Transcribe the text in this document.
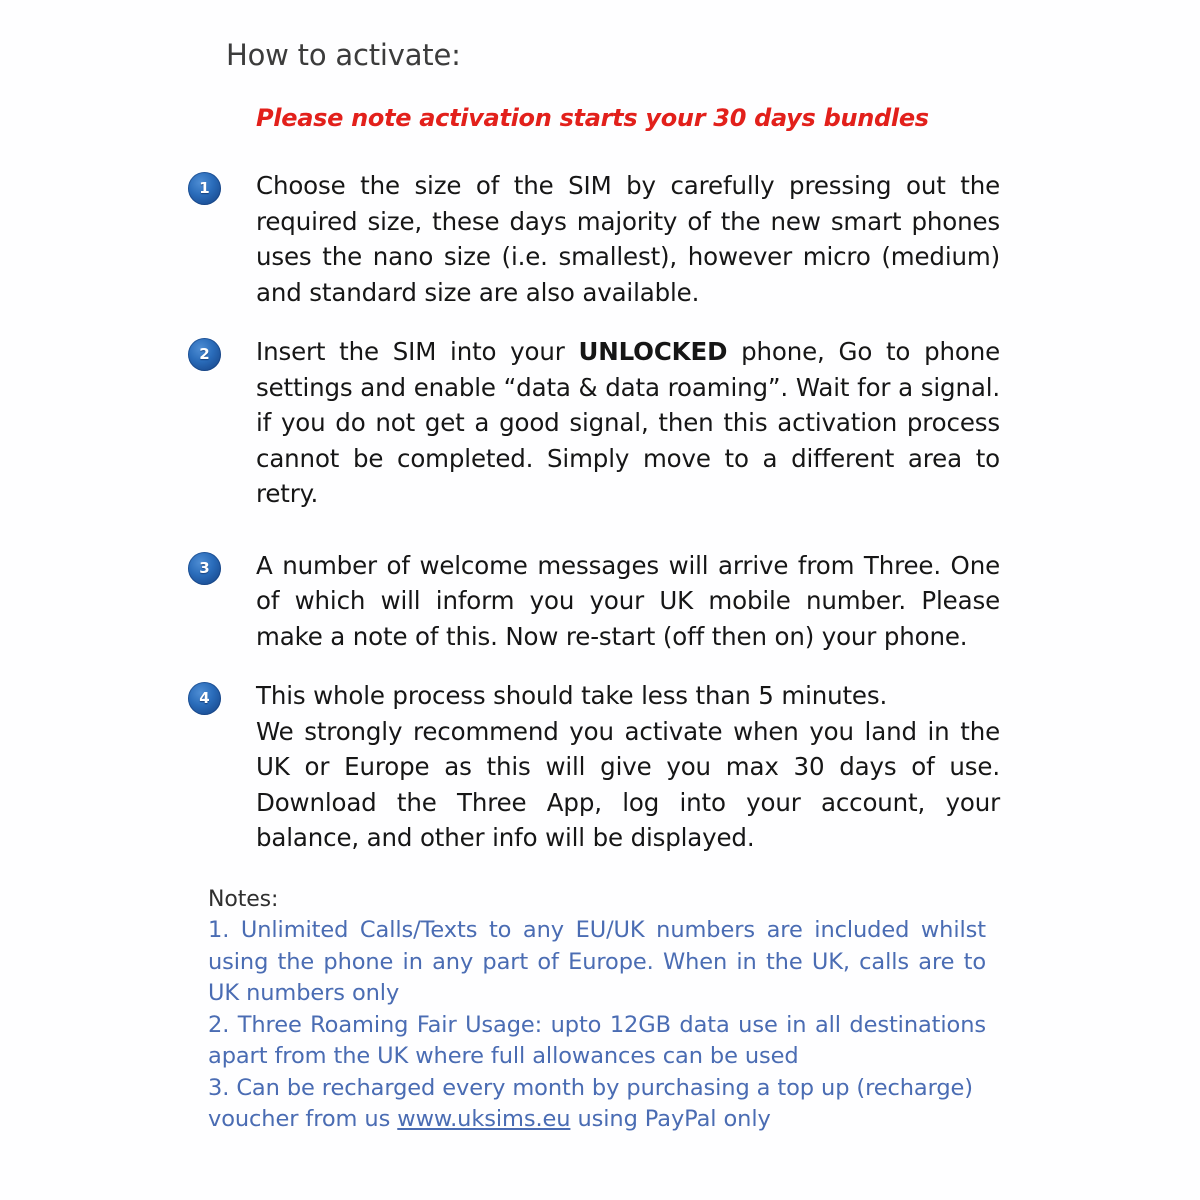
How to activate:
Please note activation starts your 30 days bundles
1 Choose the size of the SIM by carefully pressing out the required size, these days majority of the new smart phones uses the nano size (i.e. smallest), however micro (medium) and standard size are also available.
2 Insert the SIM into your UNLOCKED phone, Go to phone settings and enable “data & data roaming”. Wait for a signal. if you do not get a good signal, then this activation process cannot be completed. Simply move to a different area to retry.
3 A number of welcome messages will arrive from Three. One of which will inform you your UK mobile number. Please make a note of this. Now re-start (off then on) your phone.
4 This whole process should take less than 5 minutes.
We strongly recommend you activate when you land in the UK or Europe as this will give you max 30 days of use. Download the Three App, log into your account, your balance, and other info will be displayed.
Notes:
1. Unlimited Calls/Texts to any EU/UK numbers are included whilst using the phone in any part of Europe. When in the UK, calls are to UK numbers only
2. Three Roaming Fair Usage: upto 12GB data use in all destinations apart from the UK where full allowances can be used
3. Can be recharged every month by purchasing a top up (recharge) voucher from us www.uksims.eu using PayPal only
